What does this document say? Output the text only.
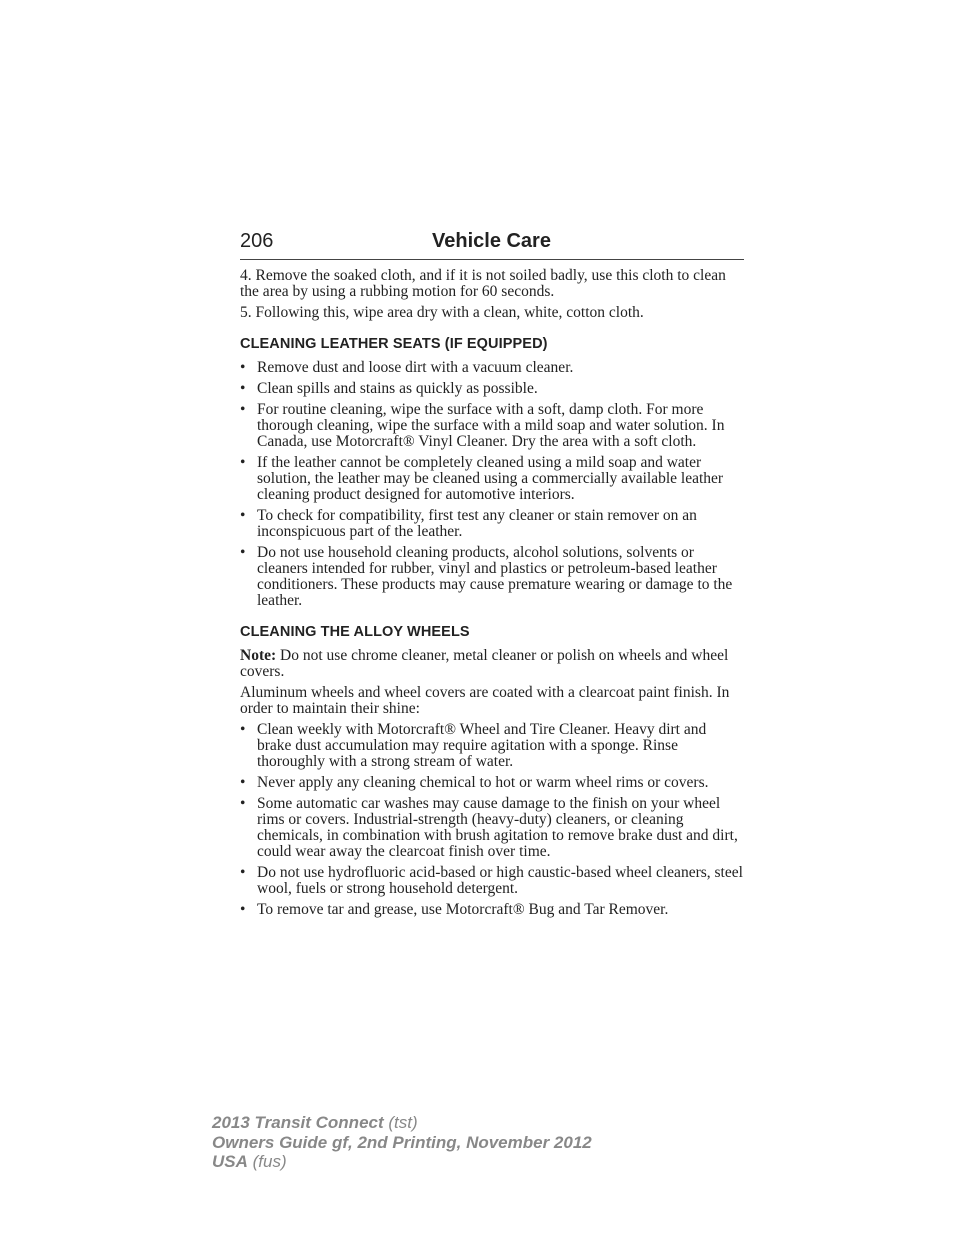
206	Vehicle Care

4. Remove the soaked cloth, and if it is not soiled badly, use this cloth to clean the area by using a rubbing motion for 60 seconds.

5. Following this, wipe area dry with a clean, white, cotton cloth.

CLEANING LEATHER SEATS (IF EQUIPPED)
• Remove dust and loose dirt with a vacuum cleaner.
• Clean spills and stains as quickly as possible.
• For routine cleaning, wipe the surface with a soft, damp cloth. For more thorough cleaning, wipe the surface with a mild soap and water solution. In Canada, use Motorcraft® Vinyl Cleaner. Dry the area with a soft cloth.
• If the leather cannot be completely cleaned using a mild soap and water solution, the leather may be cleaned using a commercially available leather cleaning product designed for automotive interiors.
• To check for compatibility, first test any cleaner or stain remover on an inconspicuous part of the leather.
• Do not use household cleaning products, alcohol solutions, solvents or cleaners intended for rubber, vinyl and plastics or petroleum-based leather conditioners. These products may cause premature wearing or damage to the leather.
CLEANING THE ALLOY WHEELS

Note: Do not use chrome cleaner, metal cleaner or polish on wheels and wheel covers.

Aluminum wheels and wheel covers are coated with a clearcoat paint finish. In order to maintain their shine:

• Clean weekly with Motorcraft® Wheel and Tire Cleaner. Heavy dirt and brake dust accumulation may require agitation with a sponge. Rinse thoroughly with a strong stream of water.
• Never apply any cleaning chemical to hot or warm wheel rims or covers.
• Some automatic car washes may cause damage to the finish on your wheel rims or covers. Industrial-strength (heavy-duty) cleaners, or cleaning chemicals, in combination with brush agitation to remove brake dust and dirt, could wear away the clearcoat finish over time.
• Do not use hydrofluoric acid-based or high caustic-based wheel cleaners, steel wool, fuels or strong household detergent.
• To remove tar and grease, use Motorcraft® Bug and Tar Remover.
2013 Transit Connect (tst)
Owners Guide gf, 2nd Printing, November 2012
USA (fus)
